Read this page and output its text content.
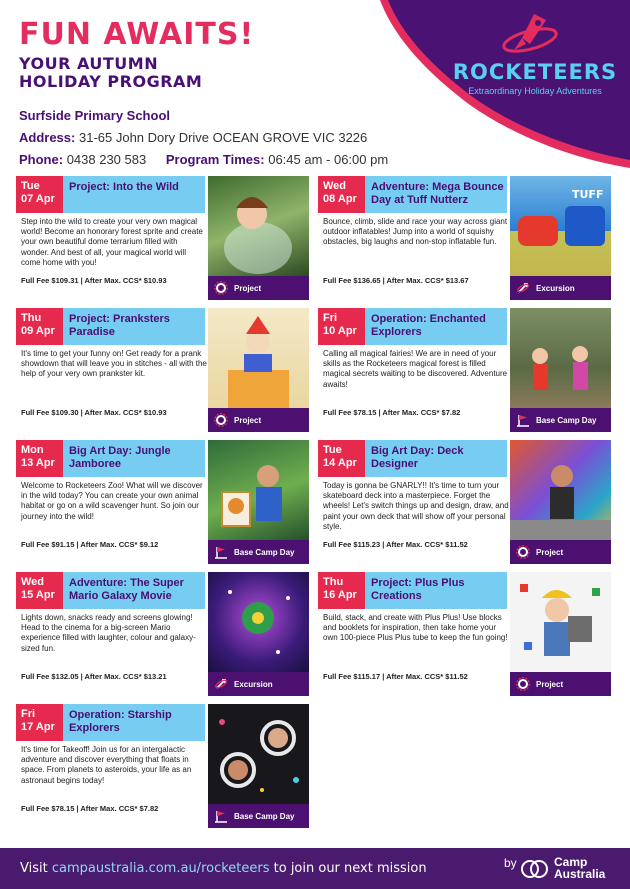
FUN AWAITS!
YOUR AUTUMN
HOLIDAY PROGRAM	ROCKETEERS
Extraordinary Holiday Adventures
Surfside Primary School
Address: 31-65 John Dory Drive OCEAN GROVE VIC 3226
Phone: 0438 230 583 Program Times: 06:45 am - 06:00 pm
Tue
07 Apr
Project: Into the Wild
Step into the wild to create your very own magical world! Become an honorary forest sprite and create your own beautiful dome terrarium filled with wonder. And best of all, your magical world will come home with you!
Full Fee $109.31 | After Max. CCS* $10.93
Project
Wed
08 Apr
Adventure: Mega Bounce Day at Tuff Nutterz
Bounce, climb, slide and race your way across giant outdoor inflatables! Jump into a world of squishy obstacles, big laughs and non-stop inflatable fun.
Full Fee $136.65 | After Max. CCS* $13.67
TUFF
Excursion
Thu
09 Apr
Project: Pranksters Paradise
It's time to get your funny on! Get ready for a prank showdown that will leave you in stitches - all with the help of your very own prankster kit.
Full Fee $109.30 | After Max. CCS* $10.93
Project
Fri
10 Apr
Operation: Enchanted Explorers
Calling all magical fairies! We are in need of your skills as the Rocketeers magical forest is filled magical secrets waiting to be discovered. Adventure awaits!
Full Fee $78.15 | After Max. CCS* $7.82
Base Camp Day
Mon
13 Apr
Big Art Day: Jungle Jamboree
Welcome to Rocketeers Zoo! What will we discover in the wild today? You can create your own animal habitat or go on a wild scavenger hunt. So join our journey into the wild!
Full Fee $91.15 | After Max. CCS* $9.12
Base Camp Day
Tue
14 Apr
Big Art Day: Deck Designer
Today is gonna be GNARLY!! It's time to turn your skateboard deck into a masterpiece. Forget the wheels! Let's switch things up and design, draw, and paint your own deck that will show off your personal style.
Full Fee $115.23 | After Max. CCS* $11.52
Project
Wed
15 Apr
Adventure: The Super Mario Galaxy Movie
Lights down, snacks ready and screens glowing! Head to the cinema for a big-screen Mario experience filled with laughter, colour and galaxy-sized fun.
Full Fee $132.05 | After Max. CCS* $13.21
Excursion
Thu
16 Apr
Project: Plus Plus Creations
Build, stack, and create with Plus Plus! Use blocks and booklets for inspiration, then take home your own 100-piece Plus Plus tube to keep the fun going!
Full Fee $115.17 | After Max. CCS* $11.52
Project
Fri
17 Apr
Operation: Starship Explorers
It's time for Takeoff! Join us for an intergalactic adventure and discover everything that floats in space. From planets to asteroids, your life as an astronaut begins today!
Full Fee $78.15 | After Max. CCS* $7.82
Base Camp Day
Visit campaustralia.com.au/rocketeers to join our next mission	by	Camp
Australia
